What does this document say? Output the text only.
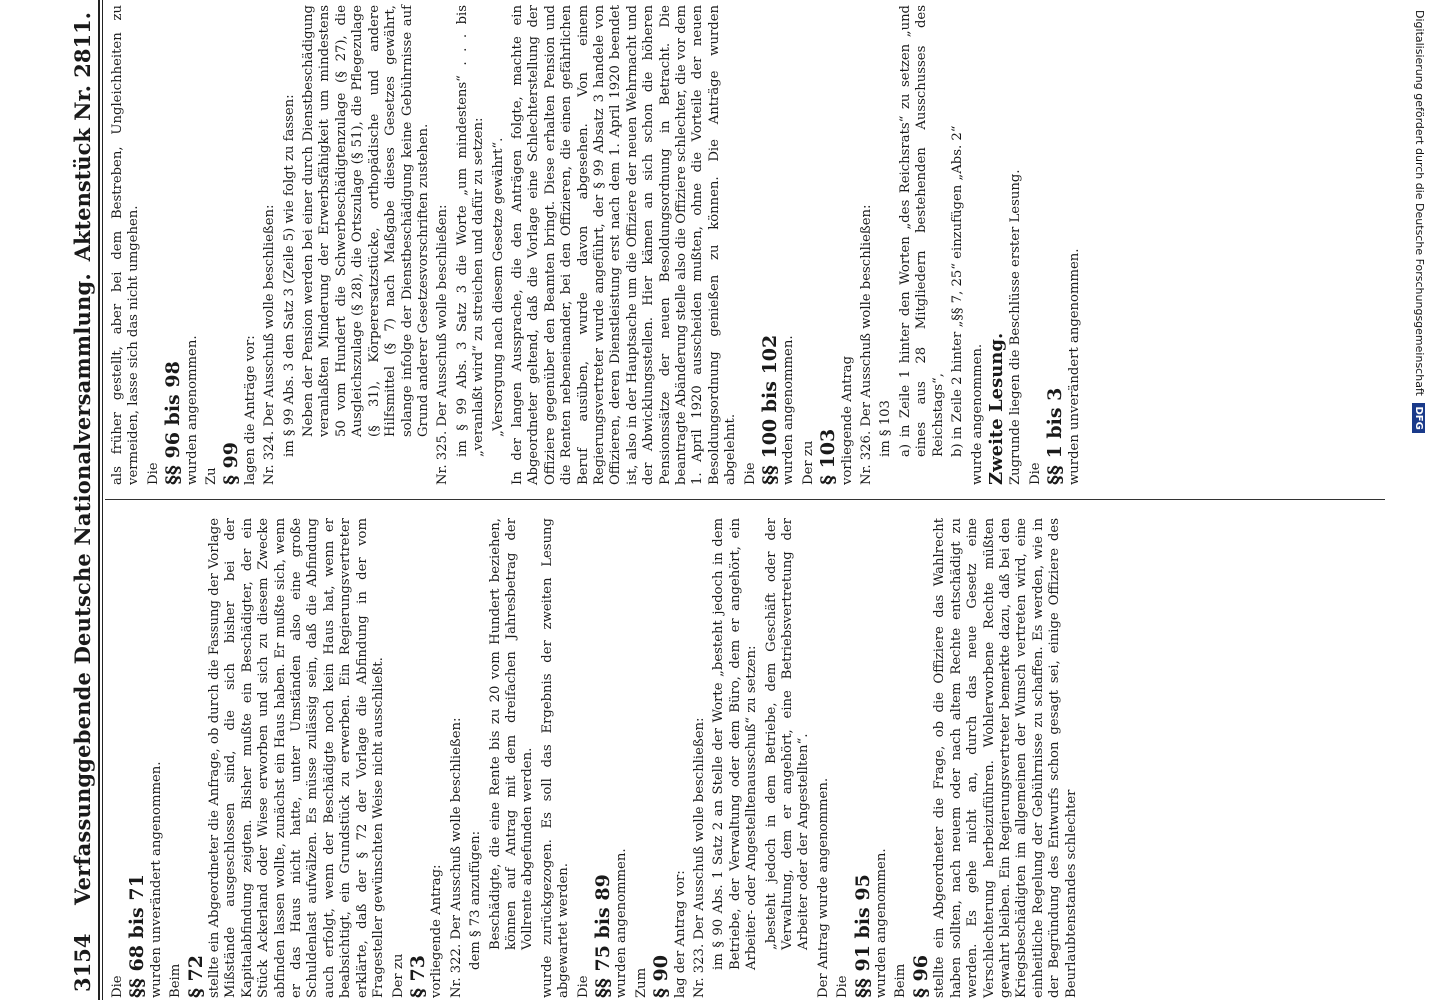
3154
Verfassunggebende Deutsche Nationalversammlung.
Aktenstück Nr. 2811.

Die §§ 68 bis 71 wurden unverändert angenommen. Beim § 72 stellte ein Abgeordneter die Anfrage, ob durch die Fassung der Vorlage Mißstände ausgeschlossen sind, die sich bisher bei der Kapitalabfindung zeigten. Bisher mußte ein Beschädigter, der ein Stück Ackerland oder Wiese erworben und sich zu diesem Zwecke abfinden lassen wollte, zunächst ein Haus haben. Er mußte sich, wenn er das Haus nicht hatte, unter Umständen also eine große Schuldenlast aufwälzen. Es müsse zulässig sein, daß die Abfindung auch erfolgt, wenn der Beschädigte noch kein Haus hat, wenn er beabsichtigt, ein Grundstück zu erwerben. Ein Regierungsvertreter erklärte, daß der § 72 der Vorlage die Abfindung in der vom Fragesteller gewünschten Weise nicht ausschließt. Der zu § 73 vorliegende Antrag: Nr. 322. Der Ausschuß wolle beschließen: dem § 73 anzufügen: Beschädigte, die eine Rente bis zu 20 vom Hundert beziehen, können auf Antrag mit dem dreifachen Jahresbetrag der Vollrente abgefunden werden. wurde zurückgezogen. Es soll das Ergebnis der zweiten Lesung abgewartet werden. Die §§ 75 bis 89 wurden angenommen. Zum § 90 lag der Antrag vor: Nr. 323. Der Ausschuß wolle beschließen: im § 90 Abs. 1 Satz 2 an Stelle der Worte „besteht jedoch in dem Betriebe, der Verwaltung oder dem Büro, dem er angehört, ein Arbeiter- oder Angestelltenausschuß“ zu setzen: „besteht jedoch in dem Betriebe, dem Geschäft oder der Verwaltung, dem er angehört, eine Betriebsvertretung der Arbeiter oder der Angestellten“. Der Antrag wurde angenommen. Die §§ 91 bis 95 wurden angenommen. Beim § 96 stellte ein Abgeordneter die Frage, ob die Offiziere das Wahlrecht haben sollten, nach neuem oder nach altem Rechte entschädigt zu werden. Es gehe nicht an, durch das neue Gesetz eine Verschlechterung herbeizuführen. Wohlerworbene Rechte müßten gewahrt bleiben. Ein Regierungsvertreter bemerkte dazu, daß bei den Kriegsbeschädigten im allgemeinen der Wunsch vertreten wird, eine einheitliche Regelung der Gebührnisse zu schaffen. Es werden, wie in der Begründung des Entwurfs schon gesagt sei, einige Offiziere des Beurlaubtenstandes schlechter

als früher gestellt, aber bei dem Bestreben, Ungleichheiten zu vermeiden, lasse sich das nicht umgehen. Die §§ 96 bis 98 wurden angenommen. Zu § 99 lagen die Anträge vor: Nr. 324. Der Ausschuß wolle beschließen: im § 99 Abs. 3 den Satz 3 (Zeile 5) wie folgt zu fassen: Neben der Pension werden bei einer durch Dienstbeschädigung veranlaßten Minderung der Erwerbsfähigkeit um mindestens 50 vom Hundert die Schwerbeschädigtenzulage (§ 27), die Ausgleichszulage (§ 28), die Ortszulage (§ 51), die Pflegezulage (§ 31), Körperersatzstücke, orthopädische und andere Hilfsmittel (§ 7) nach Maßgabe dieses Gesetzes gewährt, solange infolge der Dienstbeschädigung keine Gebührnisse auf Grund anderer Gesetzesvorschriften zustehen. Nr. 325. Der Ausschuß wolle beschließen: im § 99 Abs. 3 Satz 3 die Worte „um mindestens“ . . . bis „veranlaßt wird“ zu streichen und dafür zu setzen: „Versorgung nach diesem Gesetze gewährt“. In der langen Aussprache, die den Anträgen folgte, machte ein Abgeordneter geltend, daß die Vorlage eine Schlechterstellung der Offiziere gegenüber den Beamten bringt. Diese erhalten Pension und die Renten nebeneinander, bei den Offizieren, die einen gefährlichen Beruf ausüben, wurde davon abgesehen. Von einem Regierungsvertreter wurde angeführt, der § 99 Absatz 3 handele von Offizieren, deren Dienstleistung erst nach dem 1. April 1920 beendet ist, also in der Hauptsache um die Offiziere der neuen Wehrmacht und der Abwicklungsstellen. Hier kämen an sich schon die höheren Pensionssätze der neuen Besoldungsordnung in Betracht. Die beantragte Abänderung stelle also die Offiziere schlechter, die vor dem 1. April 1920 ausscheiden mußten, ohne die Vorteile der neuen Besoldungsordnung genießen zu können. Die Anträge wurden abgelehnt. Die §§ 100 bis 102 wurden angenommen. Der zu § 103 vorliegende Antrag Nr. 326. Der Ausschuß wolle beschließen: im § 103 a) in Zeile 1 hinter den Worten „des Reichsrats“ zu setzen „und eines aus 28 Mitgliedern bestehenden Ausschusses des Reichstags“, b) in Zeile 2 hinter „§§ 7, 25“ einzufügen „Abs. 2“ wurde angenommen. Zweite Lesung. Zugrunde liegen die Beschlüsse erster Lesung. Die §§ 1 bis 3 wurden unverändert angenommen.	Digitalisierung gefördert durch die Deutsche Forschungsgemeinschaft DFG
